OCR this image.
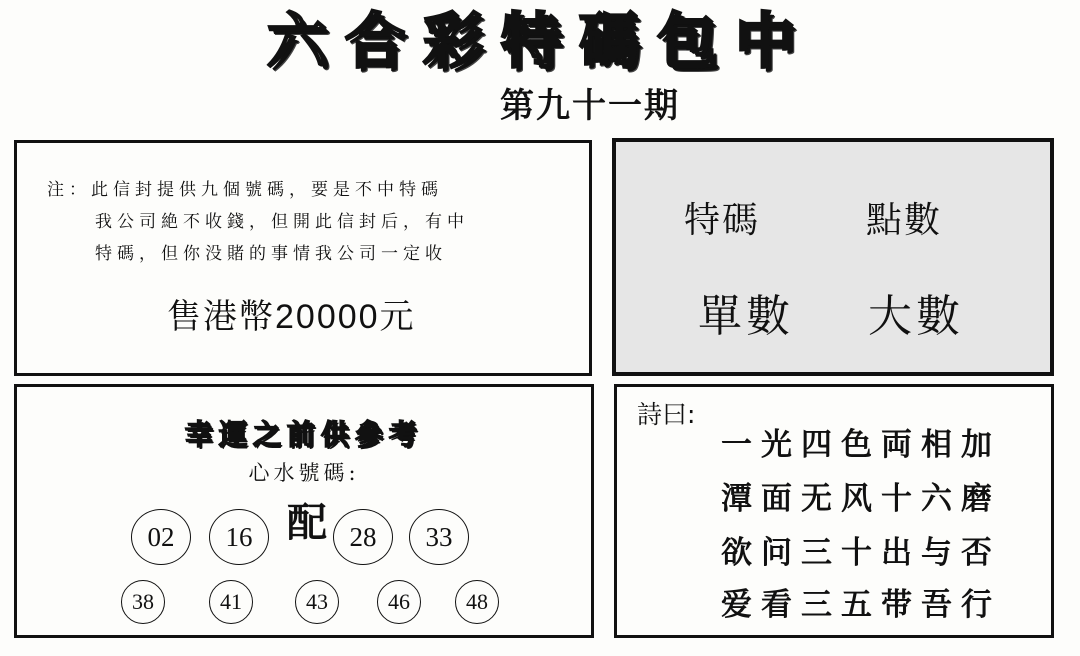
六合彩特碼包中
第九十一期
注：此信封提供九個號碼，要是不中特碼
我公司絶不收錢，但開此信封后，有中
特碼，但你没賭的事情我公司一定收
售港幣20000元
特碼	點數
單數 大數
幸運之前供參考
心水號碼:
配
02	16	28	33
38	41	43	46	48
詩曰:
一光四色両相加
潭面无风十六磨
欲问三十出与否
爱看三五带吾行
